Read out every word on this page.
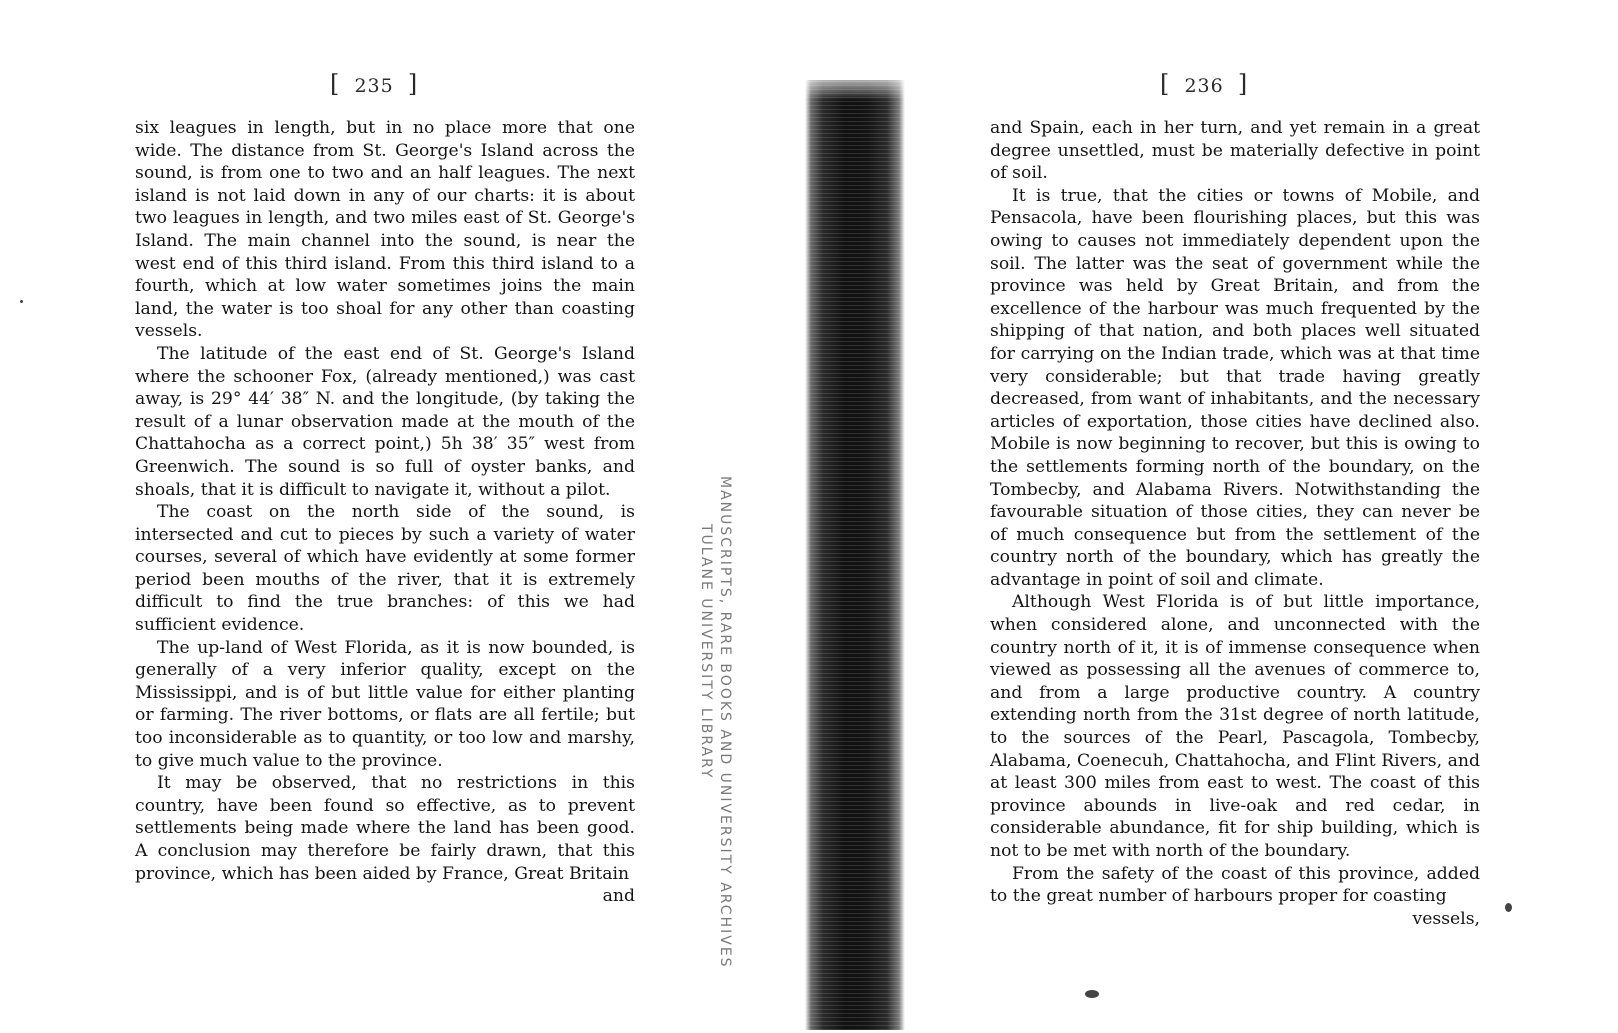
[ 235 ]

six leagues in length, but in no place more that one wide. The distance from St. George's Island across the sound, is from one to two and an half leagues. The next island is not laid down in any of our charts: it is about two leagues in length, and two miles east of St. George's Island. The main channel into the sound, is near the west end of this third island. From this third island to a fourth, which at low water sometimes joins the main land, the water is too shoal for any other than coasting vessels.

The latitude of the east end of St. George's Island where the schooner Fox, (already mentioned,) was cast away, is 29° 44′ 38″ N. and the longitude, (by taking the result of a lunar observation made at the mouth of the Chattahocha as a correct point,) 5h 38′ 35″ west from Greenwich. The sound is so full of oyster banks, and shoals, that it is difficult to navigate it, without a pilot.

The coast on the north side of the sound, is intersected and cut to pieces by such a variety of water courses, several of which have evidently at some former period been mouths of the river, that it is extremely difficult to find the true branches: of this we had sufficient evidence.

The up-land of West Florida, as it is now bounded, is generally of a very inferior quality, except on the Mississippi, and is of but little value for either planting or farming. The river bottoms, or flats are all fertile; but too inconsiderable as to quantity, or too low and marshy, to give much value to the province.

It may be observed, that no restrictions in this country, have been found so effective, as to prevent settlements being made where the land has been good. A conclusion may therefore be fairly drawn, that this province, which has been aided by France, Great Britain

and	MANUSCRIPTS, RARE BOOKS AND UNIVERSITY ARCHIVES
TULANE UNIVERSITY LIBRARY
[ 236 ]

and Spain, each in her turn, and yet remain in a great degree unsettled, must be materially defective in point of soil.

It is true, that the cities or towns of Mobile, and Pensacola, have been flourishing places, but this was owing to causes not immediately dependent upon the soil. The latter was the seat of government while the province was held by Great Britain, and from the excellence of the harbour was much frequented by the shipping of that nation, and both places well situated for carrying on the Indian trade, which was at that time very considerable; but that trade having greatly decreased, from want of inhabitants, and the necessary articles of exportation, those cities have declined also. Mobile is now beginning to recover, but this is owing to the settlements forming north of the boundary, on the Tombecby, and Alabama Rivers. Notwithstanding the favourable situation of those cities, they can never be of much consequence but from the settlement of the country north of the boundary, which has greatly the advantage in point of soil and climate.

Although West Florida is of but little importance, when considered alone, and unconnected with the country north of it, it is of immense consequence when viewed as possessing all the avenues of commerce to, and from a large productive country. A country extending north from the 31st degree of north latitude, to the sources of the Pearl, Pascagola, Tombecby, Alabama, Coenecuh, Chattahocha, and Flint Rivers, and at least 300 miles from east to west. The coast of this province abounds in live-oak and red cedar, in considerable abundance, fit for ship building, which is not to be met with north of the boundary.

From the safety of the coast of this province, added to the great number of harbours proper for coasting

vessels,
